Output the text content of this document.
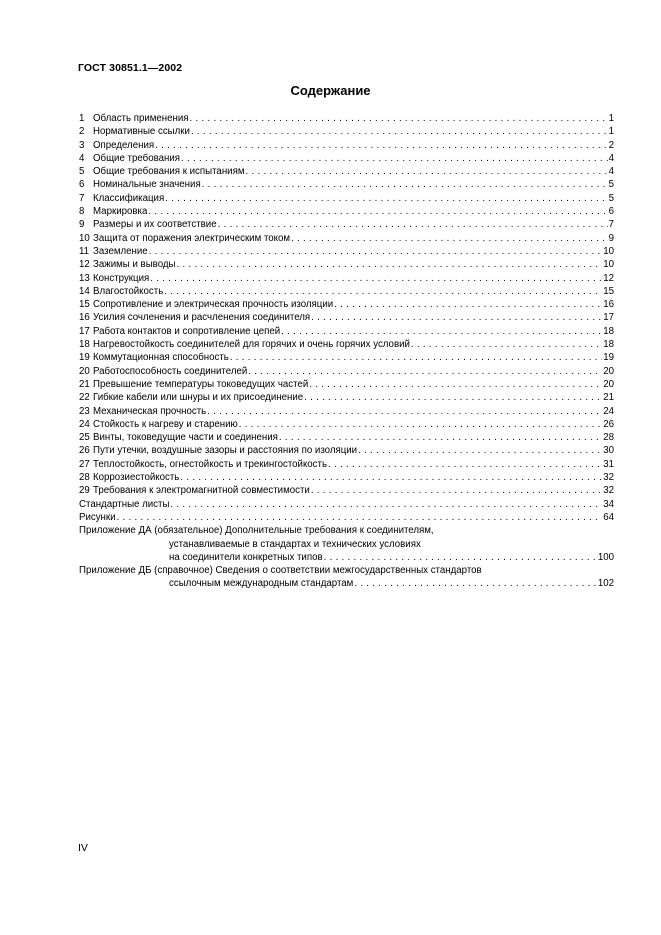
ГОСТ 30851.1—2002
Содержание
1 Область применения . . .	1
2 Нормативные ссылки . . .	1
3 Определения . . .	2
4 Общие требования . . .	4
5 Общие требования к испытаниям . . .	4
6 Номинальные значения . . .	5
7 Классификация . . .	5
8 Маркировка . . .	6
9 Размеры и их соответствие . . .	7
10 Защита от поражения электрическим током . . .	9
11 Заземление . . .	10
12 Зажимы и выводы . . .	10
13 Конструкция . . .	12
14 Влагостойкость . . .	15
15 Сопротивление и электрическая прочность изоляции . . .	16
16 Усилия сочленения и расчленения соединителя . . .	17
17 Работа контактов и сопротивление цепей . . .	18
18 Нагревостойкость соединителей для горячих и очень горячих условий . . .	18
19 Коммутационная способность . . .	19
20 Работоспособность соединителей . . .	20
21 Превышение температуры токоведущих частей . . .	20
22 Гибкие кабели или шнуры и их присоединение . . .	21
23 Механическая прочность . . .	24
24 Стойкость к нагреву и старению . . .	26
25 Винты, токоведущие части и соединения . . .	28
26 Пути утечки, воздушные зазоры и расстояния по изоляции . . .	30
27 Теплостойкость, огнестойкость и трекингостойкость . . .	31
28 Коррозиестойкость . . .	32
29 Требования к электромагнитной совместимости . . .	32
Стандартные листы . . .	34
Рисунки . . .	64
Приложение ДА (обязательное) Дополнительные требования к соединителям,
устанавливаемые в стандартах и технических условиях
на соединители конкретных типов . . .	100
Приложение ДБ (справочное) Сведения о соответствии межгосударственных стандартов
ссылочным международным стандартам . . .	102
IV
